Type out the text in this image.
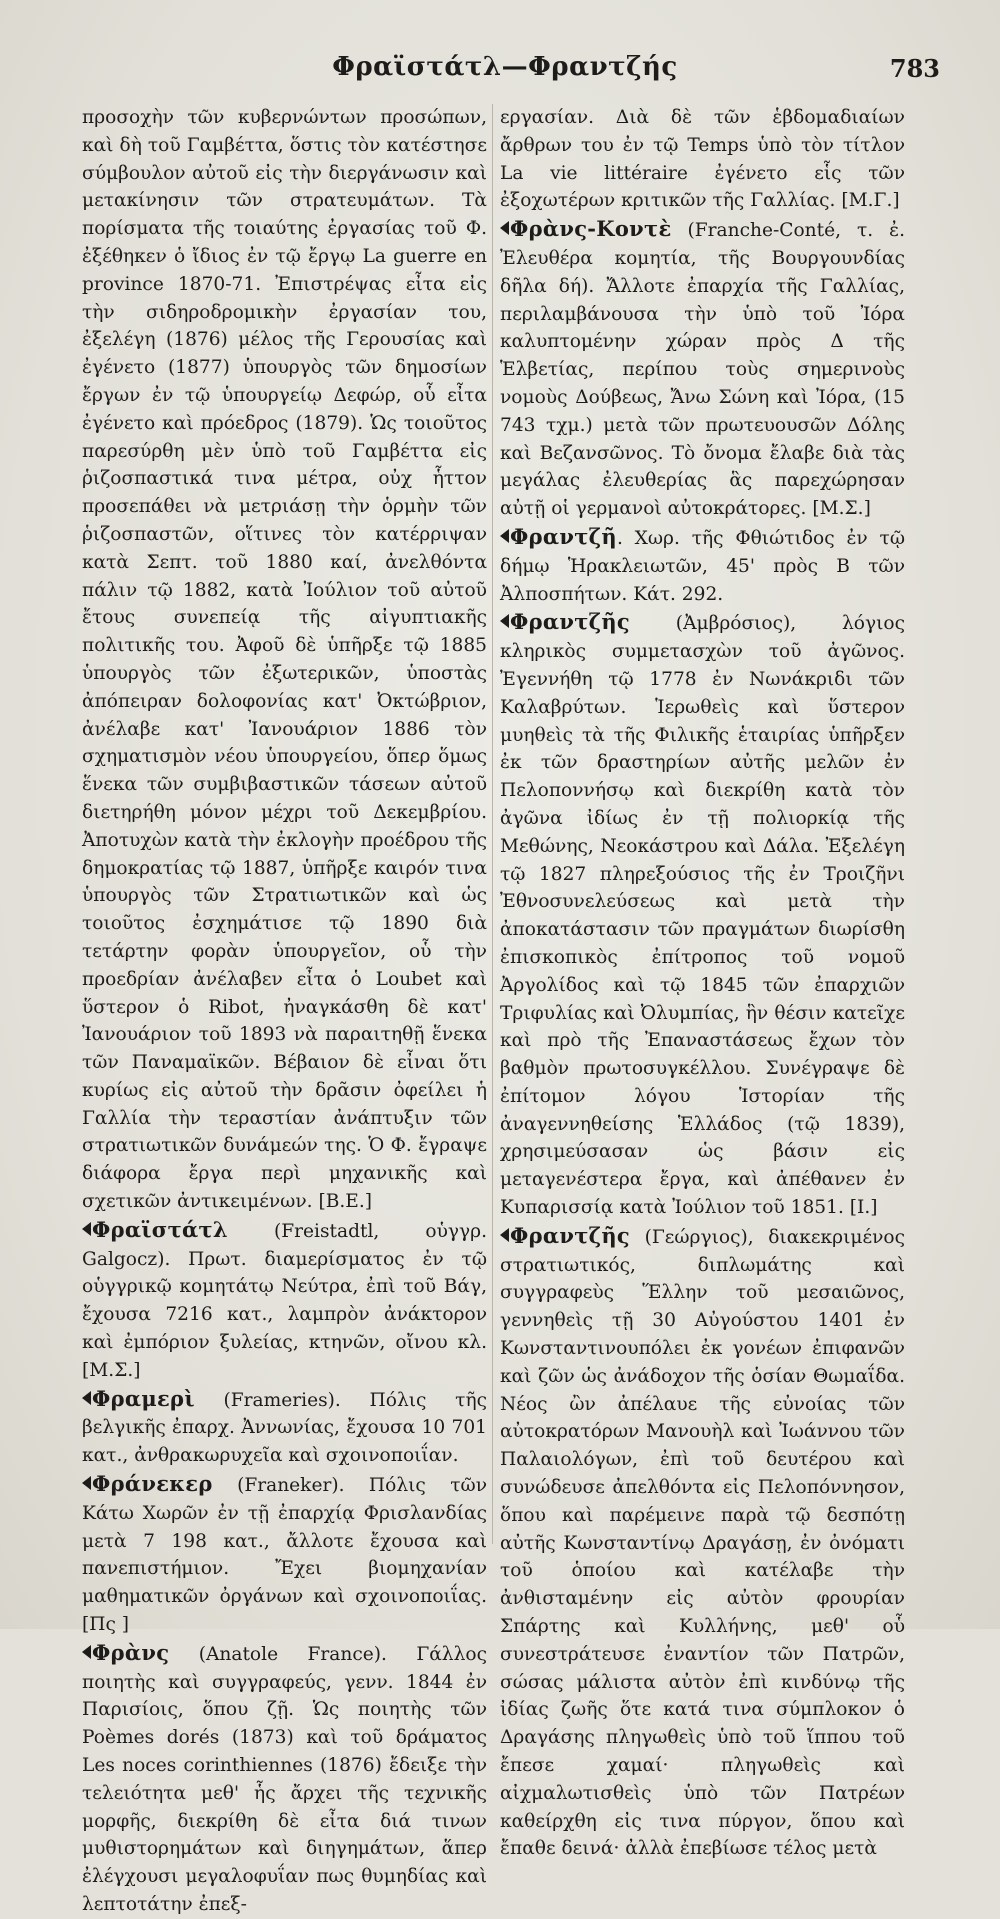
Φραϊστάτλ—Φραντζής	783

προσοχὴν τῶν κυβερνώντων προσώπων, καὶ δὴ τοῦ Γαμβέττα, ὅστις τὸν κατέστησε σύμβουλον αὐτοῦ εἰς τὴν διεργάνωσιν καὶ μετακίνησιν τῶν στρατευμάτων. Τὰ πορίσματα τῆς τοιαύτης ἐργασίας τοῦ Φ. ἐξέθηκεν ὁ ἴδιος ἐν τῷ ἔργῳ La guerre en province 1870-71. Ἐπιστρέψας εἶτα εἰς τὴν σιδηροδρομικὴν ἐργασίαν του, ἐξελέγη (1876) μέλος τῆς Γερουσίας καὶ ἐγένετο (1877) ὑπουργὸς τῶν δημοσίων ἔργων ἐν τῷ ὑπουργείῳ Δεφώρ, οὗ εἶτα ἐγένετο καὶ πρόεδρος (1879). Ὡς τοιοῦτος παρεσύρθη μὲν ὑπὸ τοῦ Γαμβέττα εἰς ῥιζοσπαστικά τινα μέτρα, οὐχ ἧττον προσεπάθει νὰ μετριάσῃ τὴν ὁρμὴν τῶν ῥιζοσπαστῶν, οἵτινες τὸν κατέρριψαν κατὰ Σεπτ. τοῦ 1880 καί, ἀνελθόντα πάλιν τῷ 1882, κατὰ Ἰούλιον τοῦ αὐτοῦ ἔτους συνεπείᾳ τῆς αἰγυπτιακῆς πολιτικῆς του. Ἀφοῦ δὲ ὑπῆρξε τῷ 1885 ὑπουργὸς τῶν ἐξωτερικῶν, ὑποστὰς ἀπόπειραν δολοφονίας κατ' Ὀκτώβριον, ἀνέλαβε κατ' Ἰανουάριον 1886 τὸν σχηματισμὸν νέου ὑπουργείου, ὅπερ ὅμως ἕνεκα τῶν συμβιβαστικῶν τάσεων αὐτοῦ διετηρήθη μόνον μέχρι τοῦ Δεκεμβρίου. Ἀποτυχὼν κατὰ τὴν ἐκλογὴν προέδρου τῆς δημοκρατίας τῷ 1887, ὑπῆρξε καιρόν τινα ὑπουργὸς τῶν Στρατιωτικῶν καὶ ὡς τοιοῦτος ἐσχημάτισε τῷ 1890 διὰ τετάρτην φορὰν ὑπουργεῖον, οὗ τὴν προεδρίαν ἀνέλαβεν εἶτα ὁ Loubet καὶ ὕστερον ὁ Ribot, ἠναγκάσθη δὲ κατ' Ἰανουάριον τοῦ 1893 νὰ παραιτηθῇ ἕνεκα τῶν Παναμαϊκῶν. Βέβαιον δὲ εἶναι ὅτι κυρίως εἰς αὐτοῦ τὴν δρᾶσιν ὀφείλει ἡ Γαλλία τὴν τεραστίαν ἀνάπτυξιν τῶν στρατιωτικῶν δυνάμεών της. Ὁ Φ. ἔγραψε διάφορα ἔργα περὶ μηχανικῆς καὶ σχετικῶν ἀντικειμένων. [Β.Ε.]

Φραϊστάτλ (Freistadtl, οὑγγρ. Galgocz). Πρωτ. διαμερίσματος ἐν τῷ οὑγγρικῷ κομητάτῳ Νεύτρα, ἐπὶ τοῦ Βάγ, ἔχουσα 7216 κατ., λαμπρὸν ἀνάκτορον καὶ ἐμπόριον ξυλείας, κτηνῶν, οἴνου κλ. [Μ.Σ.]

Φραμερὶ (Frameries). Πόλις τῆς βελγικῆς ἐπαρχ. Ἀννωνίας, ἔχουσα 10 701 κατ., ἀνθρακωρυχεῖα καὶ σχοινοποιΐαν.

Φράνεκερ (Franeker). Πόλις τῶν Κάτω Χωρῶν ἐν τῇ ἐπαρχίᾳ Φρισλανδίας μετὰ 7 198 κατ., ἄλλοτε ἔχουσα καὶ πανεπιστήμιον. Ἔχει βιομηχανίαν μαθηματικῶν ὀργάνων καὶ σχοινοποιΐας. [Πς ]

Φρὰνς (Anatole France). Γάλλος ποιητὴς καὶ συγγραφεύς, γενν. 1844 ἐν Παρισίοις, ὅπου ζῇ. Ὡς ποιητὴς τῶν Poèmes dorés (1873) καὶ τοῦ δράματος Les noces corinthiennes (1876) ἔδειξε τὴν τελειότητα μεθ' ἧς ἄρχει τῆς τεχνικῆς μορφῆς, διεκρίθη δὲ εἶτα διά τινων μυθιστορημάτων καὶ διηγημάτων, ἅπερ ἐλέγχουσι μεγαλοφυΐαν πως θυμηδίας καὶ λεπτοτάτην ἐπεξ-

εργασίαν. Διὰ δὲ τῶν ἑβδομαδιαίων ἄρθρων του ἐν τῷ Temps ὑπὸ τὸν τίτλον La vie littéraire ἐγένετο εἷς τῶν ἐξοχωτέρων κριτικῶν τῆς Γαλλίας. [Μ.Γ.]

Φρὰνς-Κοντὲ (Franche-Conté, τ. ἐ. Ἐλευθέρα κομητία, τῆς Βουργουνδίας δῆλα δή). Ἄλλοτε ἐπαρχία τῆς Γαλλίας, περιλαμβάνουσα τὴν ὑπὸ τοῦ Ἰόρα καλυπτομένην χώραν πρὸς Δ τῆς Ἑλβετίας, περίπου τοὺς σημερινοὺς νομοὺς Δούβεως, Ἄνω Σώνη καὶ Ἰόρα, (15 743 τχμ.) μετὰ τῶν πρωτευουσῶν Δόλης καὶ Βεζανσῶνος. Τὸ ὄνομα ἔλαβε διὰ τὰς μεγάλας ἐλευθερίας ἃς παρεχώρησαν αὐτῇ οἱ γερμανοὶ αὐτοκράτορες. [Μ.Σ.]

Φραντζῆ. Χωρ. τῆς Φθιώτιδος ἐν τῷ δήμῳ Ἡρακλειωτῶν, 45' πρὸς Β τῶν Ἀλποσπήτων. Κάτ. 292.

Φραντζῆς (Ἀμβρόσιος), λόγιος κληρικὸς συμμετασχὼν τοῦ ἀγῶνος. Ἐγεννήθη τῷ 1778 ἐν Νωνάκριδι τῶν Καλαβρύτων. Ἱερωθεὶς καὶ ὕστερον μυηθεὶς τὰ τῆς Φιλικῆς ἑταιρίας ὑπῆρξεν ἐκ τῶν δραστηρίων αὐτῆς μελῶν ἐν Πελοποννήσῳ καὶ διεκρίθη κατὰ τὸν ἀγῶνα ἰδίως ἐν τῇ πολιορκίᾳ τῆς Μεθώνης, Νεοκάστρου καὶ Δάλα. Ἐξελέγη τῷ 1827 πληρεξούσιος τῆς ἐν Τροιζῆνι Ἐθνοσυνελεύσεως καὶ μετὰ τὴν ἀποκατάστασιν τῶν πραγμάτων διωρίσθη ἐπισκοπικὸς ἐπίτροπος τοῦ νομοῦ Ἀργολίδος καὶ τῷ 1845 τῶν ἐπαρχιῶν Τριφυλίας καὶ Ὀλυμπίας, ἣν θέσιν κατεῖχε καὶ πρὸ τῆς Ἐπαναστάσεως ἔχων τὸν βαθμὸν πρωτοσυγκέλλου. Συνέγραψε δὲ ἐπίτομον λόγου Ἱστορίαν τῆς ἀναγεννηθείσης Ἑλλάδος (τῷ 1839), χρησιμεύσασαν ὡς βάσιν εἰς μεταγενέστερα ἔργα, καὶ ἀπέθανεν ἐν Κυπαρισσίᾳ κατὰ Ἰούλιον τοῦ 1851. [Ι.]

Φραντζῆς (Γεώργιος), διακεκριμένος στρατιωτικός, διπλωμάτης καὶ συγγραφεὺς Ἕλλην τοῦ μεσαιῶνος, γεννηθεὶς τῇ 30 Αὐγούστου 1401 ἐν Κωνσταντινουπόλει ἐκ γονέων ἐπιφανῶν καὶ ζῶν ὡς ἀνάδοχον τῆς ὁσίαν Θωμαΐδα. Νέος ὢν ἀπέλαυε τῆς εὐνοίας τῶν αὐτοκρατόρων Μανουὴλ καὶ Ἰωάννου τῶν Παλαιολόγων, ἐπὶ τοῦ δευτέρου καὶ συνώδευσε ἀπελθόντα εἰς Πελοπόννησον, ὅπου καὶ παρέμεινε παρὰ τῷ δεσπότῃ αὐτῆς Κωνσταντίνῳ Δραγάσῃ, ἐν ὀνόματι τοῦ ὁποίου καὶ κατέλαβε τὴν ἀνθισταμένην εἰς αὐτὸν φρουρίαν Σπάρτης καὶ Κυλλήνης, μεθ' οὗ συνεστράτευσε ἐναντίον τῶν Πατρῶν, σώσας μάλιστα αὐτὸν ἐπὶ κινδύνῳ τῆς ἰδίας ζωῆς ὅτε κατά τινα σύμπλοκον ὁ Δραγάσης πληγωθεὶς ὑπὸ τοῦ ἵππου τοῦ ἔπεσε χαμαί· πληγωθεὶς καὶ αἰχμαλωτισθεὶς ὑπὸ τῶν Πατρέων καθείρχθη εἰς τινα πύργον, ὅπου καὶ ἔπαθε δεινά· ἀλλὰ ἐπεβίωσε τέλος μετὰ
